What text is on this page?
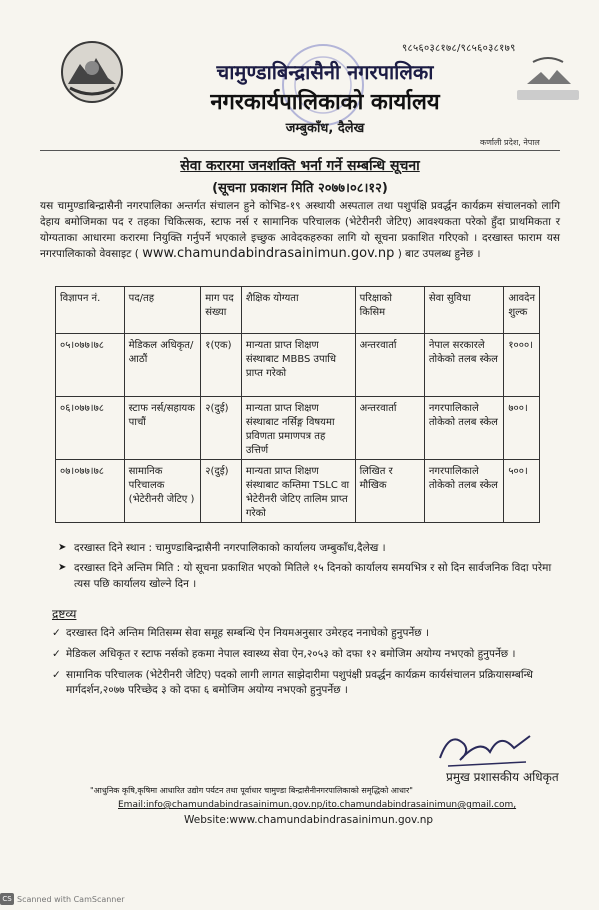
९८५६०३८१७८/९८५६०३८१७९
चामुण्डाबिन्द्रासैनी नगरपालिका
नगरकार्यपालिकाको कार्यालय
जम्बुकाँध, दैलेख
कर्णाली प्रदेश, नेपाल
सेवा करारमा जनशक्ति भर्ना गर्ने सम्बन्धि सूचना
(सूचना प्रकाशन मिति २०७७।०८।१२)
यस चामुण्डाबिन्द्रासैनी नगरपालिका अन्तर्गत संचालन हुने कोभिड-१९ अस्थायी अस्पताल तथा पशुपंक्षि प्रवर्द्धन कार्यक्रम संचालनको लागि देहाय बमोजिमका पद र तहका चिकित्सक, स्टाफ नर्स र सामानिक परिचालक (भेटेरीनरी जेटिए) आवश्यकता परेको हुँदा प्राथमिकता र योग्यताका आधारमा करारमा नियुक्ति गर्नुपर्ने भएकाले इच्छुक आवेदकहरुका लागि यो सूचना प्रकाशित गरिएको । दरखास्त फाराम यस नगरपालिकाको वेवसाइट ( www.chamundabindrasainimun.gov.np ) बाट उपलब्ध हुनेछ ।
विज्ञापन नं.	पद/तह	माग पद संख्या	शैक्षिक योग्यता	परिक्षाको किसिम	सेवा सुविधा	आवदेन शुल्क
०५।०७७।७८	मेडिकल अधिकृत/आठौं	१(एक)	मान्यता प्राप्त शिक्षण संस्थाबाट MBBS उपाधि प्राप्त गरेको	अन्तरवार्ता	नेपाल सरकारले तोकेको तलब स्केल	१०००।
०६।०७७।७८	स्टाफ नर्स/सहायक पाचौं	२(दुई)	मान्यता प्राप्त शिक्षण संस्थाबाट नर्सिङ्ग विषयमा प्रविणता प्रमाणपत्र तह उत्तिर्ण	अन्तरवार्ता	नगरपालिकाले तोकेको तलब स्केल	७००।
०७।०७७।७८	सामानिक परिचालक (भेटेरीनरी जेटिए )	२(दुई)	मान्यता प्राप्त शिक्षण संस्थाबाट कम्तिमा TSLC वा भेटेरीनरी जेटिए तालिम प्राप्त गरेको	लिखित र मौखिक	नगरपालिकाले तोकेको तलब स्केल	५००।
➤ दरखास्त दिने स्थान : चामुण्डाबिन्द्रासैनी नगरपालिकाको कार्यालय जम्बुकाँध,दैलेख ।
➤ दरखास्त दिने अन्तिम मिति : यो सूचना प्रकाशित भएको मितिले १५ दिनको कार्यालय समयभित्र र सो दिन सार्वजनिक विदा परेमा त्यस पछि कार्यालय खोल्ने दिन ।
द्रष्टव्य
✓ दरखास्त दिने अन्तिम मितिसम्म सेवा समूह सम्बन्धि ऐन नियमअनुसार उमेरहद ननाघेको हुनुपर्नेछ ।
✓ मेडिकल अधिकृत र स्टाफ नर्सको हकमा नेपाल स्वास्थ्य सेवा ऐन,२०५३ को दफा १२ बमोजिम अयोग्य नभएको हुनुपर्नेछ ।
✓ सामानिक परिचालक (भेटेरीनरी जेटिए) पदको लागी लागत साझेदारीमा पशुपंक्षी प्रवर्द्धन कार्यक्रम कार्यसंचालन प्रक्रियासम्बन्धि मार्गदर्शन,२०७७ परिच्छेद ३ को दफा ६ बमोजिम अयोग्य नभएको हुनुपर्नेछ ।
प्रमुख प्रशासकीय अधिकृत
"आधुनिक कृषि,कृषिमा आधारित उद्योग पर्यटन तथा पूर्वाधार चामुण्डा बिन्द्रासैनीनगरपालिकाको समृद्धिको आधार"
Email:info@chamundabindrasainimun.gov.np/ito.chamundabindrasainimun@gmail.com,
Website:www.chamundabindrasainimun.gov.np
CS Scanned with CamScanner
